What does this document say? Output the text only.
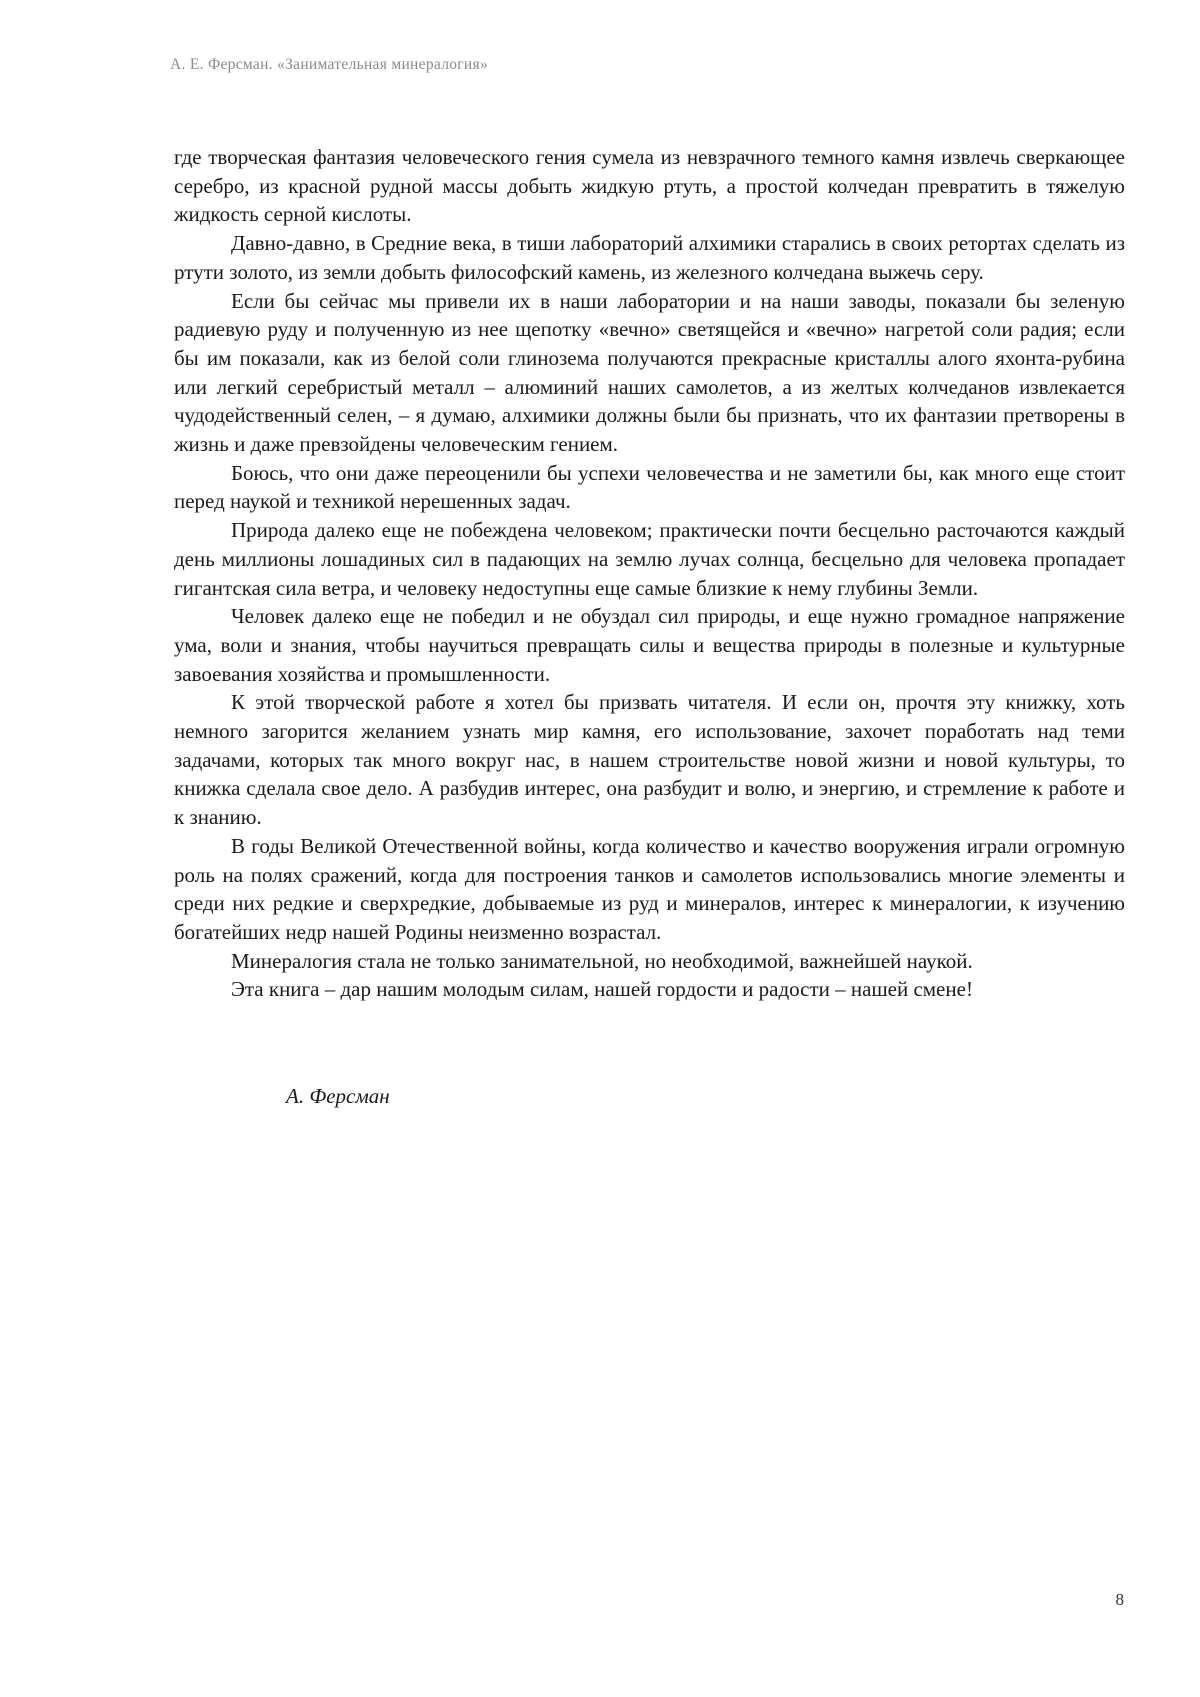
А. Е. Ферсман. «Занимательная минералогия»

где творческая фантазия человеческого гения сумела из невзрачного темного камня извлечь сверкающее серебро, из красной рудной массы добыть жидкую ртуть, а простой колчедан превратить в тяжелую жидкость серной кислоты.

Давно-давно, в Средние века, в тиши лабораторий алхимики старались в своих ретортах сделать из ртути золото, из земли добыть философский камень, из железного колчедана выжечь серу.

Если бы сейчас мы привели их в наши лаборатории и на наши заводы, показали бы зеленую радиевую руду и полученную из нее щепотку «вечно» светящейся и «вечно» нагретой соли радия; если бы им показали, как из белой соли глинозема получаются прекрасные кристаллы алого яхонта-рубина или легкий серебристый металл – алюминий наших самолетов, а из желтых колчеданов извлекается чудодейственный селен, – я думаю, алхимики должны были бы признать, что их фантазии претворены в жизнь и даже превзойдены человеческим гением.

Боюсь, что они даже переоценили бы успехи человечества и не заметили бы, как много еще стоит перед наукой и техникой нерешенных задач.

Природа далеко еще не побеждена человеком; практически почти бесцельно расточаются каждый день миллионы лошадиных сил в падающих на землю лучах солнца, бесцельно для человека пропадает гигантская сила ветра, и человеку недоступны еще самые близкие к нему глубины Земли.

Человек далеко еще не победил и не обуздал сил природы, и еще нужно громадное напряжение ума, воли и знания, чтобы научиться превращать силы и вещества природы в полезные и культурные завоевания хозяйства и промышленности.

К этой творческой работе я хотел бы призвать читателя. И если он, прочтя эту книжку, хоть немного загорится желанием узнать мир камня, его использование, захочет поработать над теми задачами, которых так много вокруг нас, в нашем строительстве новой жизни и новой культуры, то книжка сделала свое дело. А разбудив интерес, она разбудит и волю, и энергию, и стремление к работе и к знанию.

В годы Великой Отечественной войны, когда количество и качество вооружения играли огромную роль на полях сражений, когда для построения танков и самолетов использовались многие элементы и среди них редкие и сверхредкие, добываемые из руд и минералов, интерес к минералогии, к изучению богатейших недр нашей Родины неизменно возрастал.

Минералогия стала не только занимательной, но необходимой, важнейшей наукой.

Эта книга – дар нашим молодым силам, нашей гордости и радости – нашей смене!

А. Ферсман
8
